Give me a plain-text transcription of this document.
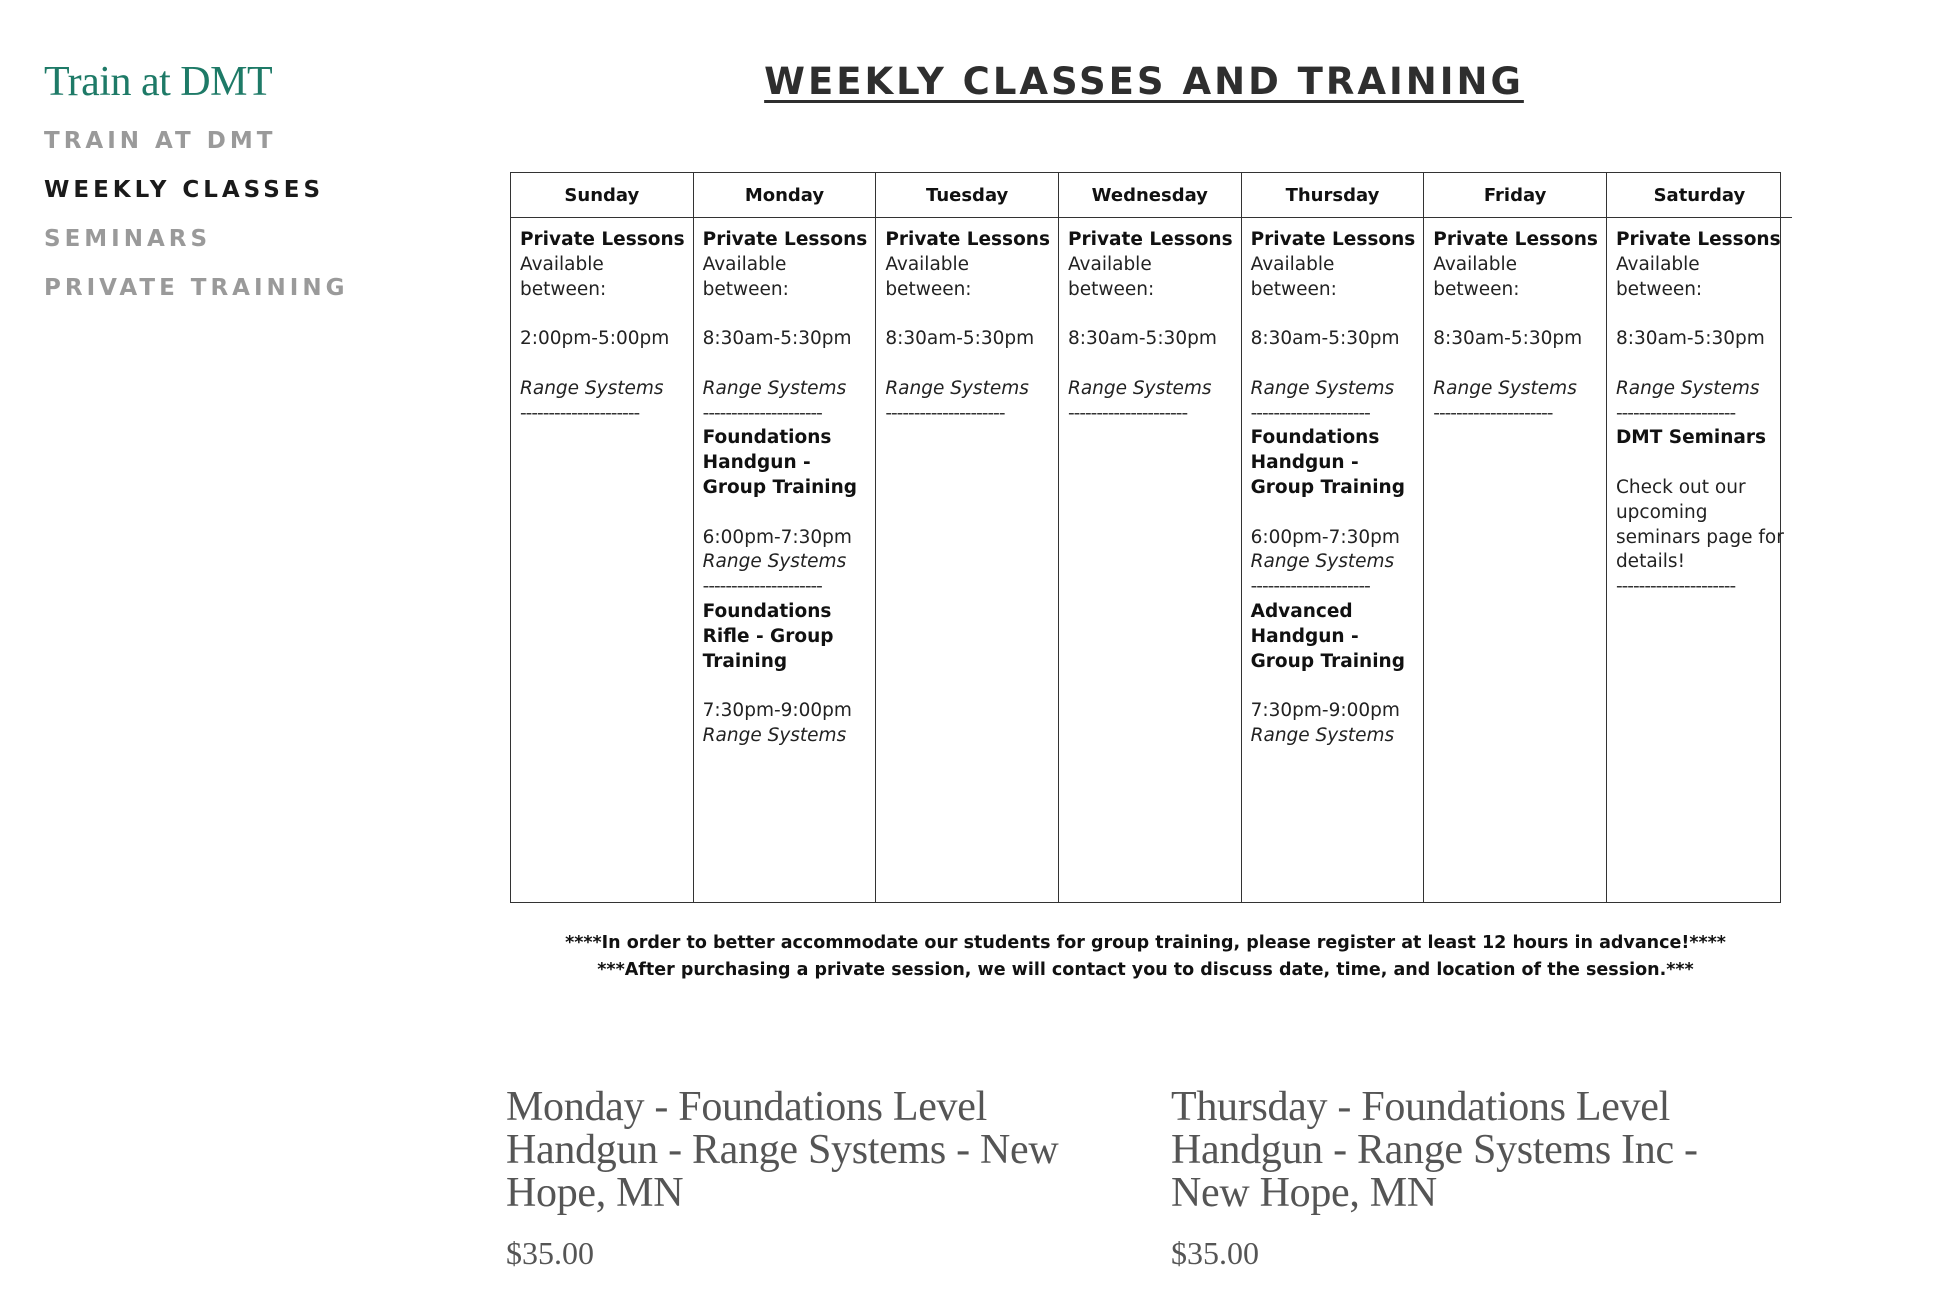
Train at DMT
TRAIN AT DMT
WEEKLY CLASSES
SEMINARS
PRIVATE TRAINING
WEEKLY CLASSES AND TRAINING
Sunday
Private Lessons
Available
between:
2:00pm-5:00pm
Range Systems
---------------------
Monday
Private Lessons
Available
between:
8:30am-5:30pm
Range Systems
---------------------
Foundations
Handgun -
Group Training
6:00pm-7:30pm
Range Systems
---------------------
Foundations
Rifle - Group
Training
7:30pm-9:00pm
Range Systems
Tuesday
Private Lessons
Available
between:
8:30am-5:30pm
Range Systems
---------------------
Wednesday
Private Lessons
Available
between:
8:30am-5:30pm
Range Systems
---------------------
Thursday
Private Lessons
Available
between:
8:30am-5:30pm
Range Systems
---------------------
Foundations
Handgun -
Group Training
6:00pm-7:30pm
Range Systems
---------------------
Advanced
Handgun -
Group Training
7:30pm-9:00pm
Range Systems
Friday
Private Lessons
Available
between:
8:30am-5:30pm
Range Systems
---------------------
Saturday
Private Lessons
Available
between:
8:30am-5:30pm
Range Systems
---------------------
DMT Seminars
Check out our
upcoming
seminars page for
details!
---------------------
****In order to better accommodate our students for group training, please register at least 12 hours in advance!****
***After purchasing a private session, we will contact you to discuss date, time, and location of the session.***
Monday - Foundations Level Handgun - Range Systems - New Hope, MN
$35.00
Thursday - Foundations Level Handgun - Range Systems Inc - New Hope, MN
$35.00
